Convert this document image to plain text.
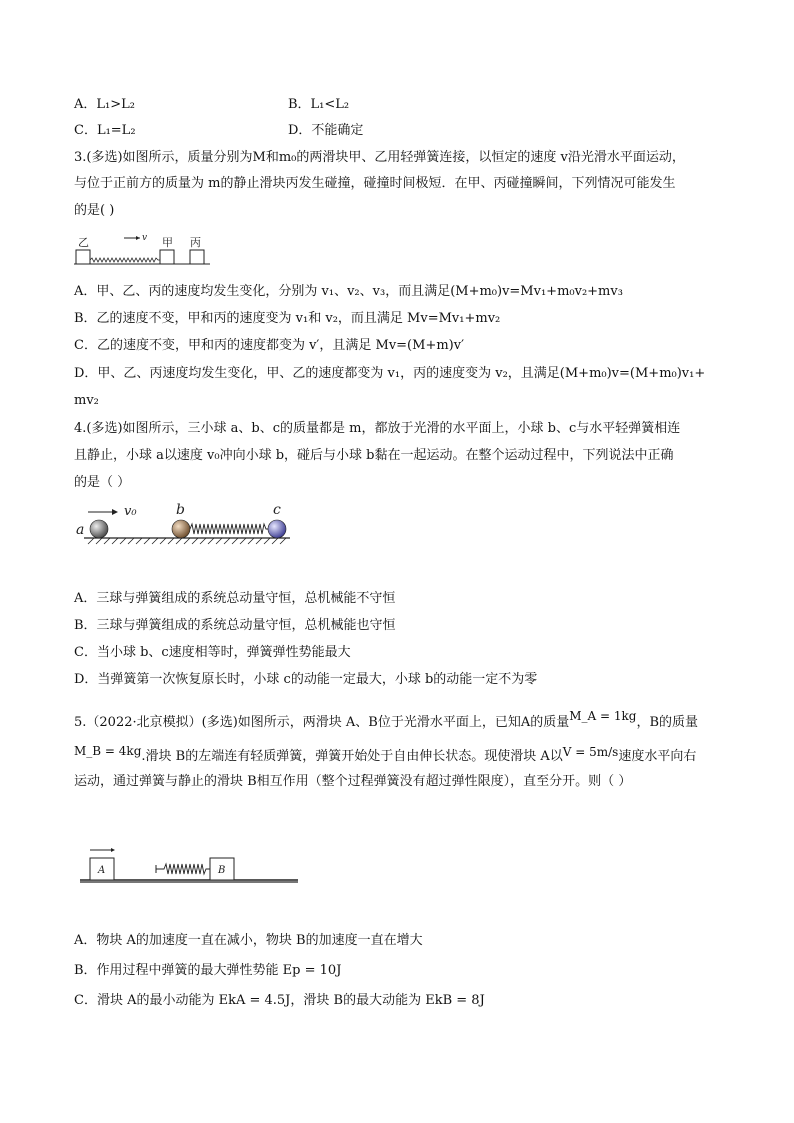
A．L₁>L₂	B．L₁<L₂
C．L₁=L₂	D．不能确定
3.(多选)如图所示，质量分别为M和m₀的两滑块甲、乙用轻弹簧连接，以恒定的速度 v沿光滑水平面运动，
与位于正前方的质量为 m的静止滑块丙发生碰撞，碰撞时间极短．在甲、丙碰撞瞬间，下列情况可能发生
的是( )
乙	v 甲 丙
A．甲、乙、丙的速度均发生变化，分别为 v₁、v₂、v₃，而且满足(M+m₀)v=Mv₁+m₀v₂+mv₃
B．乙的速度不变，甲和丙的速度变为 v₁和 v₂，而且满足 Mv=Mv₁+mv₂
C．乙的速度不变，甲和丙的速度都变为 v′，且满足 Mv=(M+m)v′
D．甲、乙、丙速度均发生变化，甲、乙的速度都变为 v₁，丙的速度变为 v₂，且满足(M+m₀)v=(M+m₀)v₁+
mv₂
4.(多选)如图所示，三小球 a、b、c的质量都是 m，都放于光滑的水平面上，小球 b、c与水平轻弹簧相连
且静止，小球 a以速度 v₀冲向小球 b，碰后与小球 b黏在一起运动。在整个运动过程中，下列说法中正确
的是（ ）
a
v₀	b	c
A．三球与弹簧组成的系统总动量守恒，总机械能不守恒
B．三球与弹簧组成的系统总动量守恒，总机械能也守恒
C．当小球 b、c速度相等时，弹簧弹性势能最大
D．当弹簧第一次恢复原长时，小球 c的动能一定最大，小球 b的动能一定不为零
5.（2022·北京模拟）(多选)如图所示，两滑块 A、B位于光滑水平面上，已知A的质量M_A = 1kg，B的质量
M_B = 4kg.滑块 B的左端连有轻质弹簧，弹簧开始处于自由伸长状态。现使滑块 A以V = 5m/s速度水平向右
运动，通过弹簧与静止的滑块 B相互作用（整个过程弹簧没有超过弹性限度），直至分开。则（ ）
A	B
A．物块 A的加速度一直在减小，物块 B的加速度一直在增大
B．作用过程中弹簧的最大弹性势能 Ep = 10J
C．滑块 A的最小动能为 EkA = 4.5J，滑块 B的最大动能为 EkB = 8J
